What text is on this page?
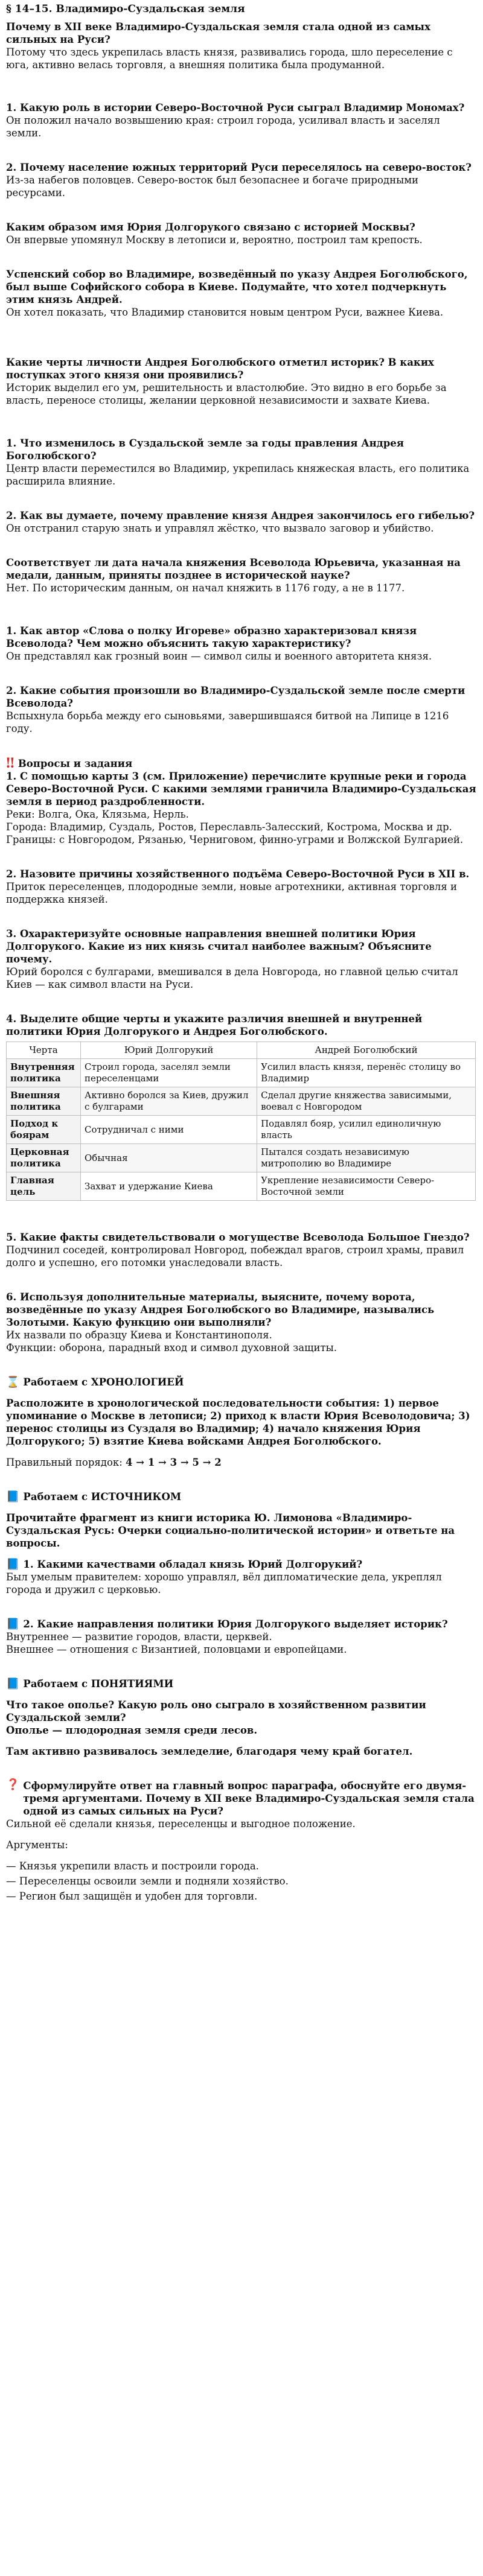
§ 14–15. Владимиро-Суздальская земля
Почему в XII веке Владимиро-Суздальская земля стала одной из самых сильных на Руси?
Потому что здесь укрепилась власть князя, развивались города, шло переселение с юга, активно велась торговля, а внешняя политика была продуманной.
1. Какую роль в истории Северо-Восточной Руси сыграл Владимир Мономах?
Он положил начало возвышению края: строил города, усиливал власть и заселял земли.
2. Почему население южных территорий Руси переселялось на северо-восток?
Из-за набегов половцев. Северо-восток был безопаснее и богаче природными ресурсами.
Каким образом имя Юрия Долгорукого связано с историей Москвы?
Он впервые упомянул Москву в летописи и, вероятно, построил там крепость.
Успенский собор во Владимире, возведённый по указу Андрея Боголюбского, был выше Софийского собора в Киеве. Подумайте, что хотел подчеркнуть этим князь Андрей.
Он хотел показать, что Владимир становится новым центром Руси, важнее Киева.
Какие черты личности Андрея Боголюбского отметил историк? В каких поступках этого князя они проявились?
Историк выделил его ум, решительность и властолюбие. Это видно в его борьбе за власть, переносе столицы, желании церковной независимости и захвате Киева.
1. Что изменилось в Суздальской земле за годы правления Андрея Боголюбского?
Центр власти переместился во Владимир, укрепилась княжеская власть, его политика расширила влияние.
2. Как вы думаете, почему правление князя Андрея закончилось его гибелью?
Он отстранил старую знать и управлял жёстко, что вызвало заговор и убийство.
Соответствует ли дата начала княжения Всеволода Юрьевича, указанная на медали, данным, приняты позднее в исторической науке?
Нет. По историческим данным, он начал княжить в 1176 году, а не в 1177.
1. Как автор «Слова о полку Игореве» образно характеризовал князя Всеволода? Чем можно объяснить такую характеристику?
Он представлял как грозный воин — символ силы и военного авторитета князя.
2. Какие события произошли во Владимиро-Суздальской земле после смерти Всеволода?
Вспыхнула борьба между его сыновьями, завершившаяся битвой на Липице в 1216 году.
‼ Вопросы и задания
1. С помощью карты 3 (см. Приложение) перечислите крупные реки и города Северо-Восточной Руси. С какими землями граничила Владимиро-Суздальская земля в период раздробленности.
Реки: Волга, Ока, Клязьма, Нерль.
Города: Владимир, Суздаль, Ростов, Переславль-Залесский, Кострома, Москва и др.
Границы: с Новгородом, Рязанью, Черниговом, финно-уграми и Волжской Булгарией.
2. Назовите причины хозяйственного подъёма Северо-Восточной Руси в XII в.
Приток переселенцев, плодородные земли, новые агротехники, активная торговля и поддержка князей.
3. Охарактеризуйте основные направления внешней политики Юрия Долгорукого. Какие из них князь считал наиболее важным? Объясните почему.
Юрий боролся с булгарами, вмешивался в дела Новгорода, но главной целью считал Киев — как символ власти на Руси.
4. Выделите общие черты и укажите различия внешней и внутренней политики Юрия Долгорукого и Андрея Боголюбского.
Черта	Юрий Долгорукий	Андрей Боголюбский
Внутренняя политика	Строил города, заселял земли переселенцами	Усилил власть князя, перенёс столицу во Владимир
Внешняя политика	Активно боролся за Киев, дружил с булгарами	Сделал другие княжества зависимыми, воевал с Новгородом
Подход к боярам	Сотрудничал с ними	Подавлял бояр, усилил единоличную власть
Церковная политика	Обычная	Пытался создать независимую митрополию во Владимире
Главная цель	Захват и удержание Киева	Укрепление независимости Северо-Восточной земли
5. Какие факты свидетельствовали о могуществе Всеволода Большое Гнездо?
Подчинил соседей, контролировал Новгород, побеждал врагов, строил храмы, правил долго и успешно, его потомки унаследовали власть.
6. Используя дополнительные материалы, выясните, почему ворота, возведённые по указу Андрея Боголюбского во Владимире, назывались Золотыми. Какую функцию они выполняли?
Их назвали по образцу Киева и Константинополя.
Функции: оборона, парадный вход и символ духовной защиты.
⌛ Работаем с ХРОНОЛОГИЕЙ
Расположите в хронологической последовательности события: 1) первое упоминание о Москве в летописи; 2) приход к власти Юрия Всеволодовича; 3) перенос столицы из Суздаля во Владимир; 4) начало княжения Юрия Долгорукого; 5) взятие Киева войсками Андрея Боголюбского.
Правильный порядок: 4 → 1 → 3 → 5 → 2
📘 Работаем с ИСТОЧНИКОМ
Прочитайте фрагмент из книги историка Ю. Лимонова «Владимиро-Суздальская Русь: Очерки социально-политической истории» и ответьте на вопросы.
📘 1. Какими качествами обладал князь Юрий Долгорукий?
Был умелым правителем: хорошо управлял, вёл дипломатические дела, укреплял города и дружил с церковью.
📘 2. Какие направления политики Юрия Долгорукого выделяет историк?
Внутреннее — развитие городов, власти, церквей.
Внешнее — отношения с Византией, половцами и европейцами.
📘 Работаем с ПОНЯТИЯМИ
Что такое ополье? Какую роль оно сыграло в хозяйственном развитии Суздальской земли?
Ополье — плодородная земля среди лесов.
Там активно развивалось земледелие, благодаря чему край богател.
❓ Сформулируйте ответ на главный вопрос параграфа, обоснуйте его двумя-тремя аргументами. Почему в XII веке Владимиро-Суздальская земля стала одной из самых сильных на Руси?
Сильной её сделали князья, переселенцы и выгодное положение.
Аргументы:
— Князья укрепили власть и построили города.
— Переселенцы освоили земли и подняли хозяйство.
— Регион был защищён и удобен для торговли.
